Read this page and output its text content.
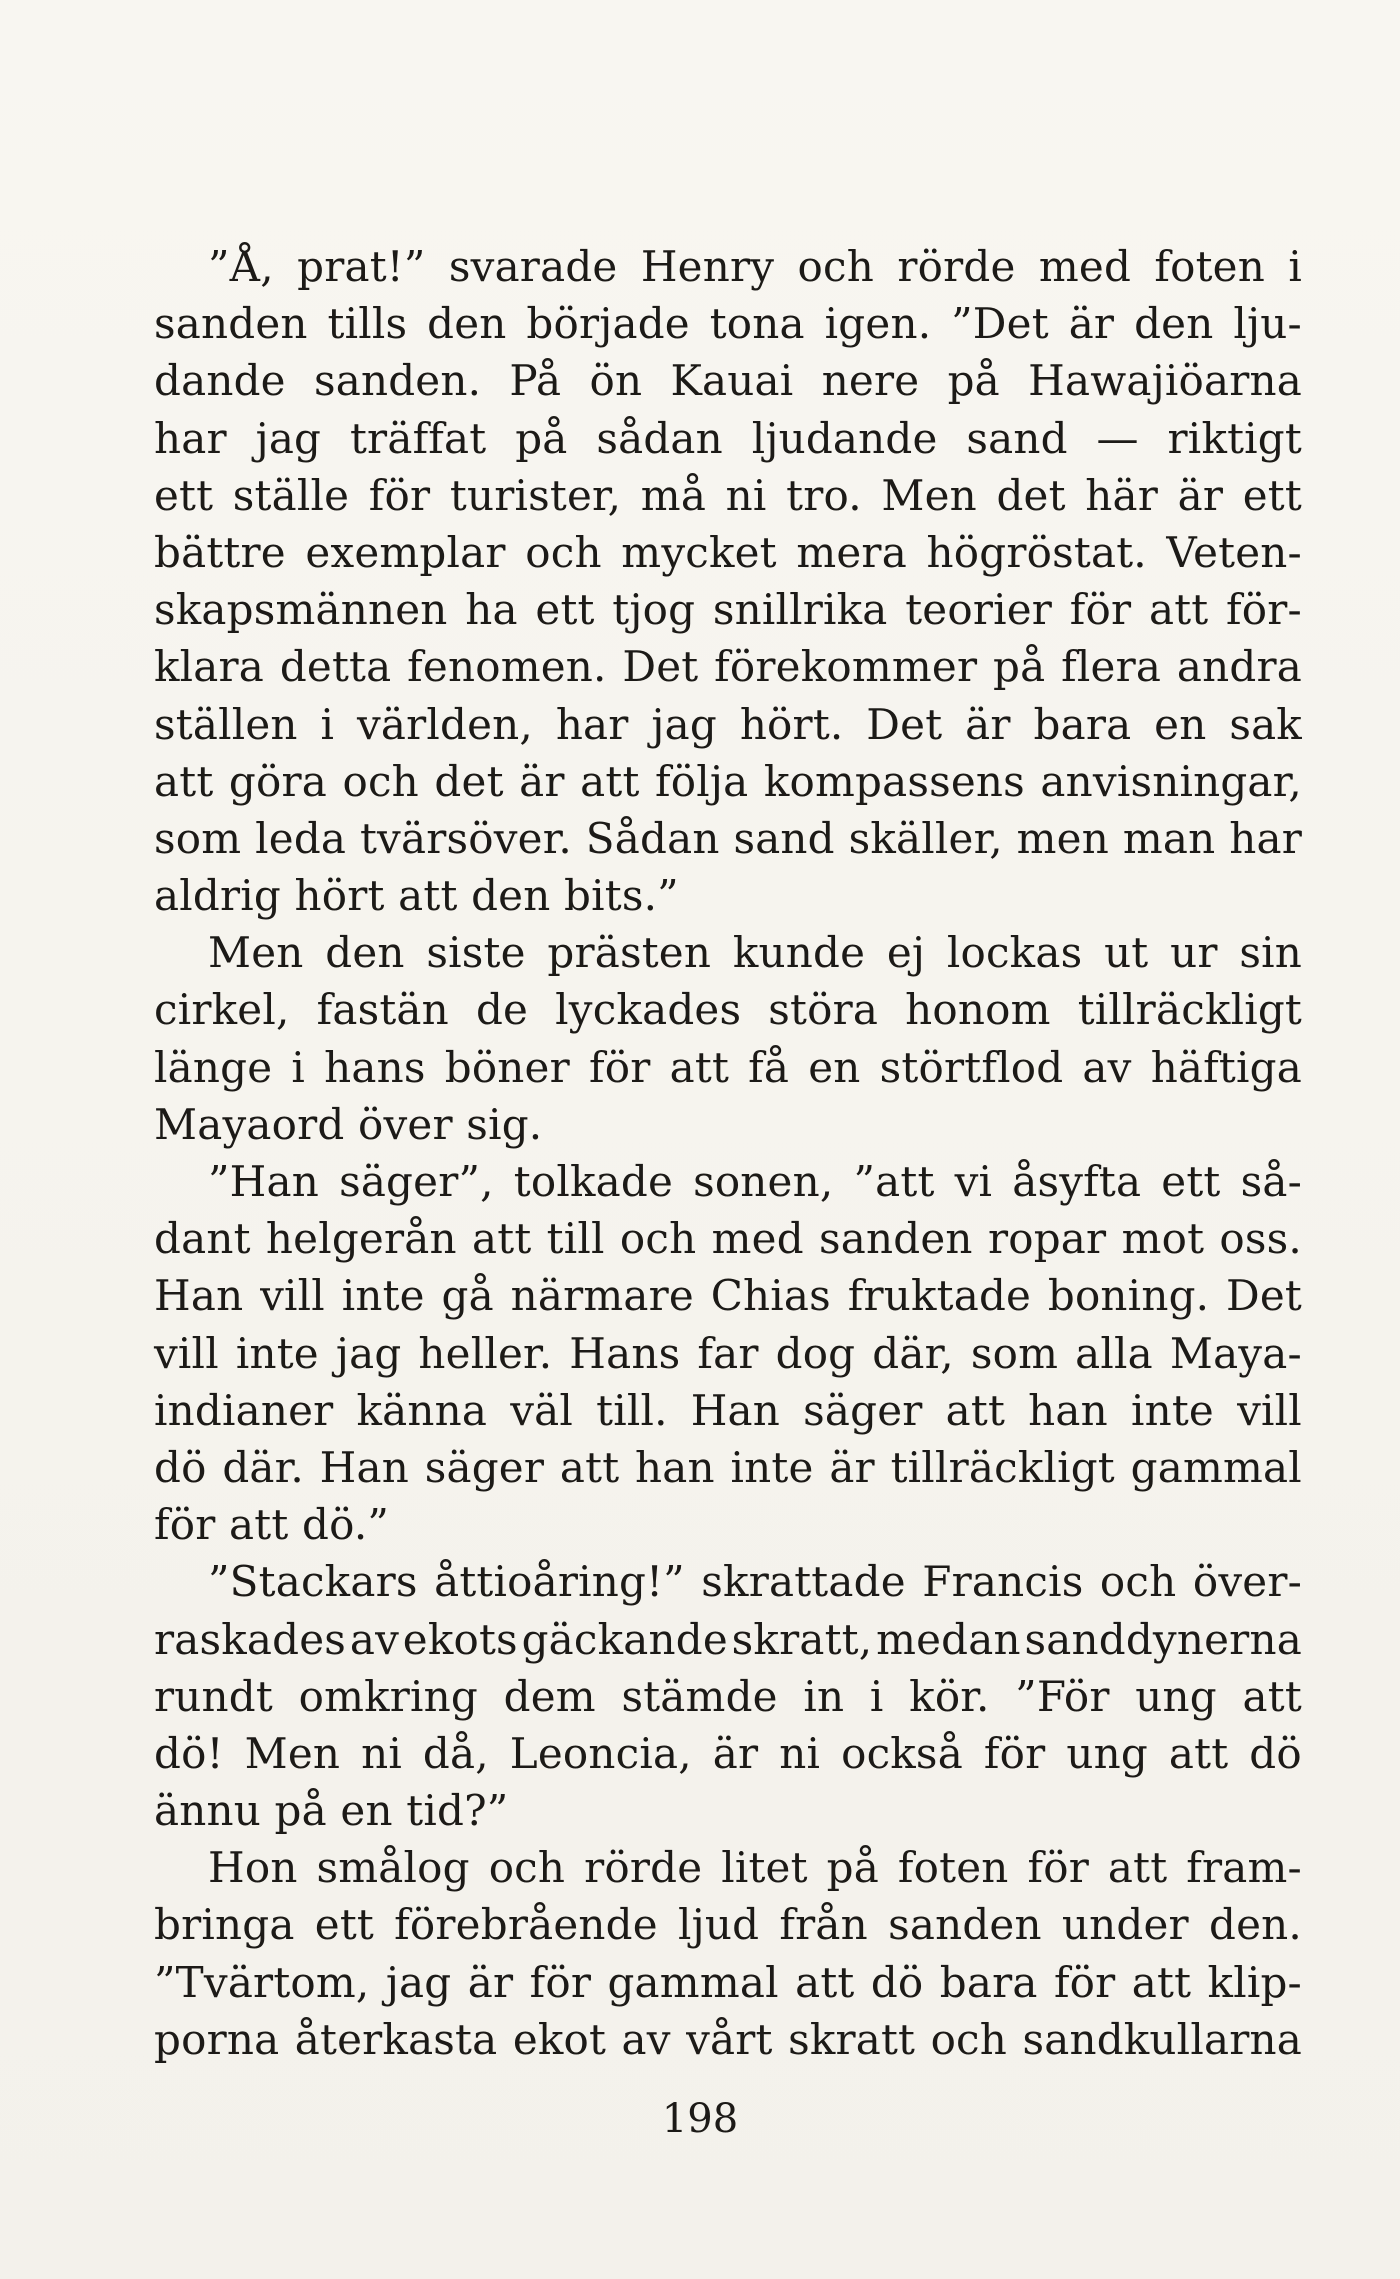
”Å, prat!” svarade Henry och rörde med foten i
sanden tills den började tona igen. ”Det är den lju-
dande sanden. På ön Kauai nere på Hawajiöarna
har jag träffat på sådan ljudande sand — riktigt
ett ställe för turister, må ni tro. Men det här är ett
bättre exemplar och mycket mera högröstat. Veten-
skapsmännen ha ett tjog snillrika teorier för att för-
klara detta fenomen. Det förekommer på flera andra
ställen i världen, har jag hört. Det är bara en sak
att göra och det är att följa kompassens anvisningar,
som leda tvärsöver. Sådan sand skäller, men man har
aldrig hört att den bits.”
Men den siste prästen kunde ej lockas ut ur sin
cirkel, fastän de lyckades störa honom tillräckligt
länge i hans böner för att få en störtflod av häftiga
Mayaord över sig.
”Han säger”, tolkade sonen, ”att vi åsyfta ett så-
dant helgerån att till och med sanden ropar mot oss.
Han vill inte gå närmare Chias fruktade boning. Det
vill inte jag heller. Hans far dog där, som alla Maya-
indianer känna väl till. Han säger att han inte vill
dö där. Han säger att han inte är tillräckligt gammal
för att dö.”
”Stackars åttioåring!” skrattade Francis och över-
raskades av ekots gäckande skratt, medan sanddynerna
rundt omkring dem stämde in i kör. ”För ung att
dö! Men ni då, Leoncia, är ni också för ung att dö
ännu på en tid?”
Hon smålog och rörde litet på foten för att fram-
bringa ett förebrående ljud från sanden under den.
”Tvärtom, jag är för gammal att dö bara för att klip-
porna återkasta ekot av vårt skratt och sandkullarna
198
